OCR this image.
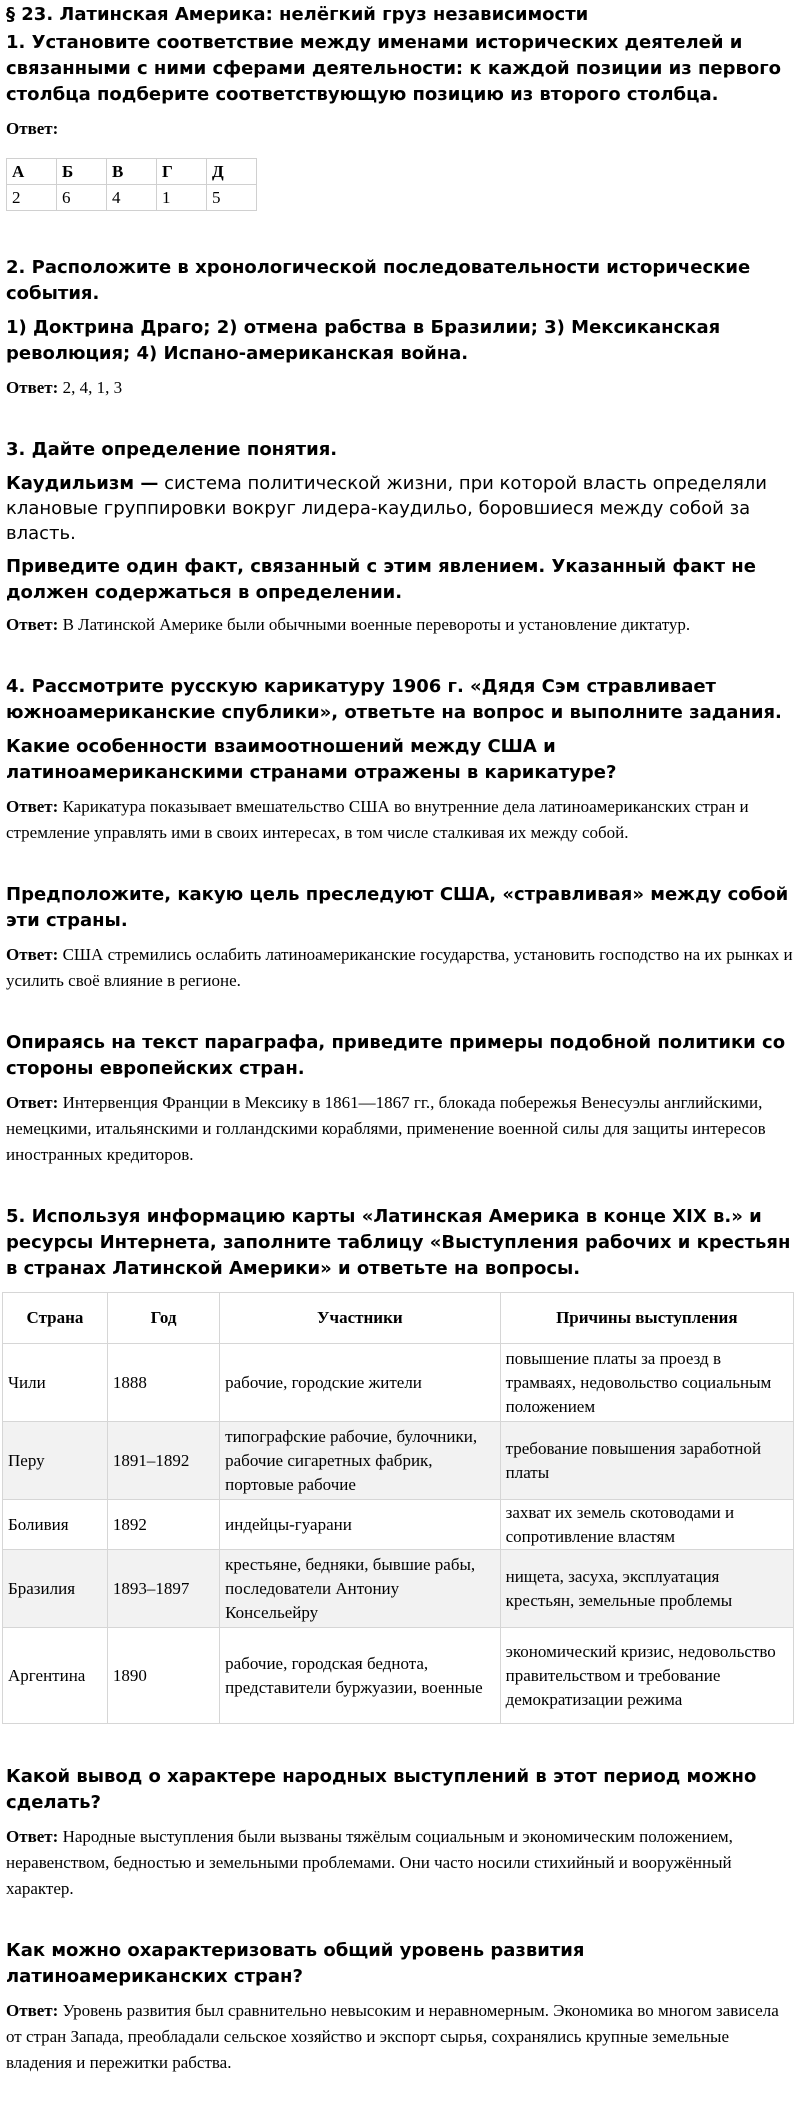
§ 23. Латинская Америка: нелёгкий груз независимости

1. Установите соответствие между именами исторических деятелей и связанными с ними сферами деятельности: к каждой позиции из первого столбца подберите соответствующую позицию из второго столбца.

Ответ:
А	Б	В	Г	Д
2	6	4	1	5

2. Расположите в хронологической последовательности исторические события.

1) Доктрина Драго; 2) отмена рабства в Бразилии; 3) Мексиканская революция; 4) Испано-американская война.

Ответ: 2, 4, 1, 3

3. Дайте определение понятия.

Каудильизм — система политической жизни, при которой власть определяли клановые группировки вокруг лидера-каудильо, боровшиеся между собой за власть.

Приведите один факт, связанный с этим явлением. Указанный факт не должен содержаться в определении.

Ответ: В Латинской Америке были обычными военные перевороты и установление диктатур.

4. Рассмотрите русскую карикатуру 1906 г. «Дядя Сэм стравливает южноамериканские спублики», ответьте на вопрос и выполните задания.

Какие особенности взаимоотношений между США и латиноамериканскими странами отражены в карикатуре?

Ответ: Карикатура показывает вмешательство США во внутренние дела латиноамериканских стран и стремление управлять ими в своих интересах, в том числе сталкивая их между собой.

Предположите, какую цель преследуют США, «стравливая» между собой эти страны.

Ответ: США стремились ослабить латиноамериканские государства, установить господство на их рынках и усилить своё влияние в регионе.

Опираясь на текст параграфа, приведите примеры подобной политики со стороны европейских стран.

Ответ: Интервенция Франции в Мексику в 1861—1867 гг., блокада побережья Венесуэлы английскими, немецкими, итальянскими и голландскими кораблями, применение военной силы для защиты интересов иностранных кредиторов.

5. Используя информацию карты «Латинская Америка в конце XIX в.» и ресурсы Интернета, заполните таблицу «Выступления рабочих и крестьян в странах Латинской Америки» и ответьте на вопросы.

Страна	Год	Участники	Причины выступления
Чили	1888	рабочие, городские жители	повышение платы за проезд в трамваях, недовольство социальным положением
Перу	1891–1892	типографские рабочие, булочники, рабочие сигаретных фабрик, портовые рабочие	требование повышения заработной платы
Боливия	1892	индейцы-гуарани	захват их земель скотоводами и сопротивление властям
Бразилия	1893–1897	крестьяне, бедняки, бывшие рабы, последователи Антониу Консельейру	нищета, засуха, эксплуатация крестьян, земельные проблемы
Аргентина	1890	рабочие, городская беднота, представители буржуазии, военные	экономический кризис, недовольство правительством и требование демократизации режима

Какой вывод о характере народных выступлений в этот период можно сделать?

Ответ: Народные выступления были вызваны тяжёлым социальным и экономическим положением, неравенством, бедностью и земельными проблемами. Они часто носили стихийный и вооружённый характер.

Как можно охарактеризовать общий уровень развития латиноамериканских стран?

Ответ: Уровень развития был сравнительно невысоким и неравномерным. Экономика во многом зависела от стран Запада, преобладали сельское хозяйство и экспорт сырья, сохранялись крупные земельные владения и пережитки рабства.
